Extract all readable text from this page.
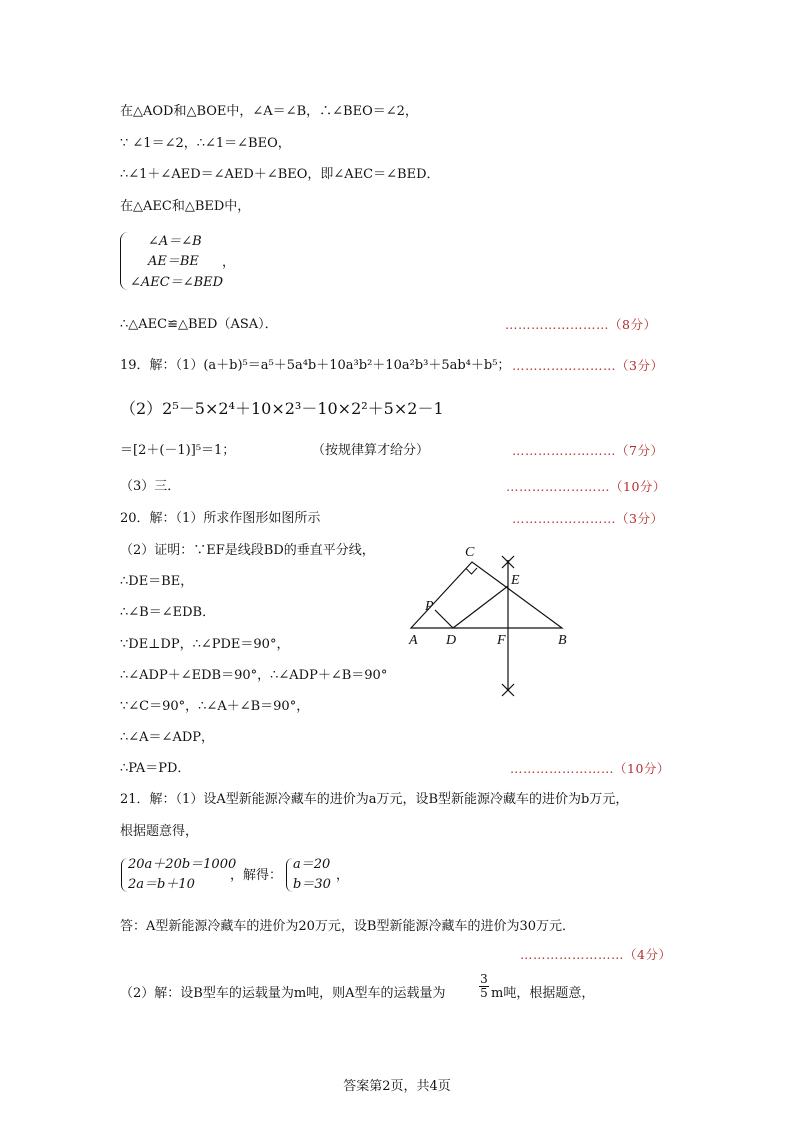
在△AOD和△BOE中，∠A＝∠B，∴∠BEO＝∠2，
∵ ∠1＝∠2，∴∠1＝∠BEO，
∴∠1＋∠AED＝∠AED＋∠BEO，即∠AEC＝∠BED．
在△AEC和△BED中，
∠A＝∠B
AE＝BE
∠AEC＝∠BED
，
∴△AEC≌△BED（ASA）．	……………………（8分）
19．解：（1）(a＋b)⁵＝a⁵＋5a⁴b＋10a³b²＋10a²b³＋5ab⁴＋b⁵； ……………………（3分）
（2）2⁵－5×2⁴＋10×2³－10×2²＋5×2－1
＝[2＋(－1)]⁵＝1；	（按规律算才给分）	……………………（7分）
（3）三．	……………………（10分）
20．解：（1）所求作图形如图所示	……………………（3分）
（2）证明：∵EF是线段BD的垂直平分线，
∴DE＝BE，
∴∠B＝∠EDB．
∵DE⊥DP，∴∠PDE＝90°，
∴∠ADP＋∠EDB＝90°，∴∠ADP＋∠B＝90°
∵∠C＝90°，∴∠A＋∠B＝90°，
∴∠A＝∠ADP，
∴PA＝PD．	……………………（10分）
C
E
P
A D	F	B
21．解：（1）设A型新能源冷藏车的进价为a万元，设B型新能源冷藏车的进价为b万元，
根据题意得，
20a＋20b＝1000
2a＝b＋10
，解得：
a＝20
b＝30
，
答：A型新能源冷藏车的进价为20万元，设B型新能源冷藏车的进价为30万元．
……………………（4分）
（2）解：设B型车的运载量为m吨，则A型车的运载量为	$\frac{3}{5}$ m吨，根据题意，
答案第2页，共4页
